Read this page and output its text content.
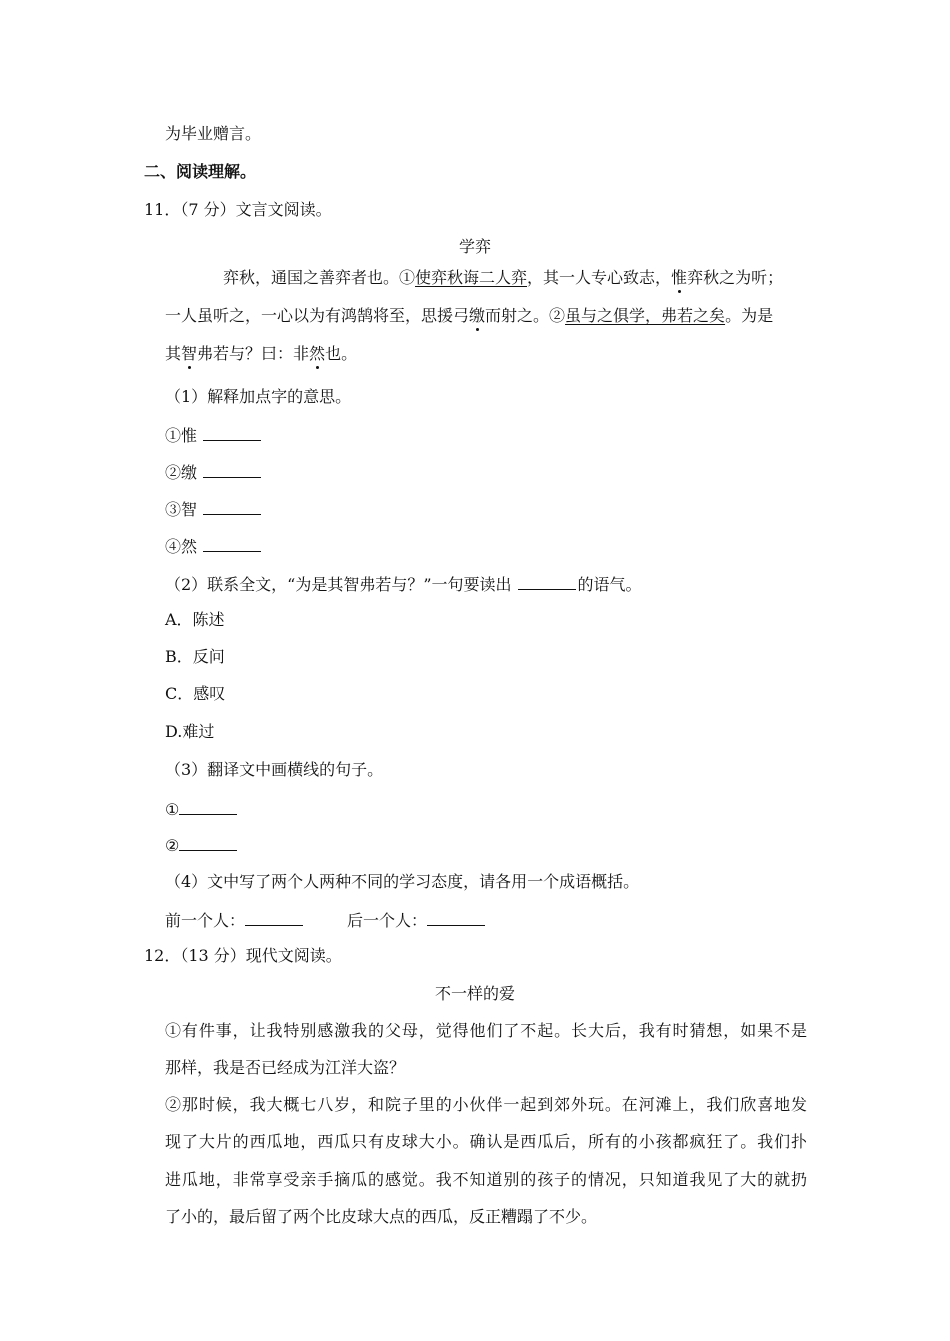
为毕业赠言。
二、阅读理解。
11．（7 分）文言文阅读。
学弈
弈秋，通国之善弈者也。①使弈秋诲二人弈，其一人专心致志，惟弈秋之为听；
一人虽听之，一心以为有鸿鹄将至，思援弓缴而射之。②虽与之俱学，弗若之矣。为是
其智弗若与？曰：非然也。
（1）解释加点字的意思。
①惟
②缴
③智
④然
（2）联系全文，“为是其智弗若与？”一句要读出	的语气。
A．陈述
B．反问
C．感叹
D.难过
（3）翻译文中画横线的句子。
①
②
（4）文中写了两个人两种不同的学习态度，请各用一个成语概括。
前一个人：	后一个人：
12．（13 分）现代文阅读。
不一样的爱
①有件事，让我特别感激我的父母，觉得他们了不起。长大后，我有时猜想，如果不是
那样，我是否已经成为江洋大盗？
②那时候，我大概七八岁，和院子里的小伙伴一起到郊外玩。在河滩上，我们欣喜地发
现了大片的西瓜地，西瓜只有皮球大小。确认是西瓜后，所有的小孩都疯狂了。我们扑
进瓜地，非常享受亲手摘瓜的感觉。我不知道别的孩子的情况，只知道我见了大的就扔
了小的，最后留了两个比皮球大点的西瓜，反正糟蹋了不少。
